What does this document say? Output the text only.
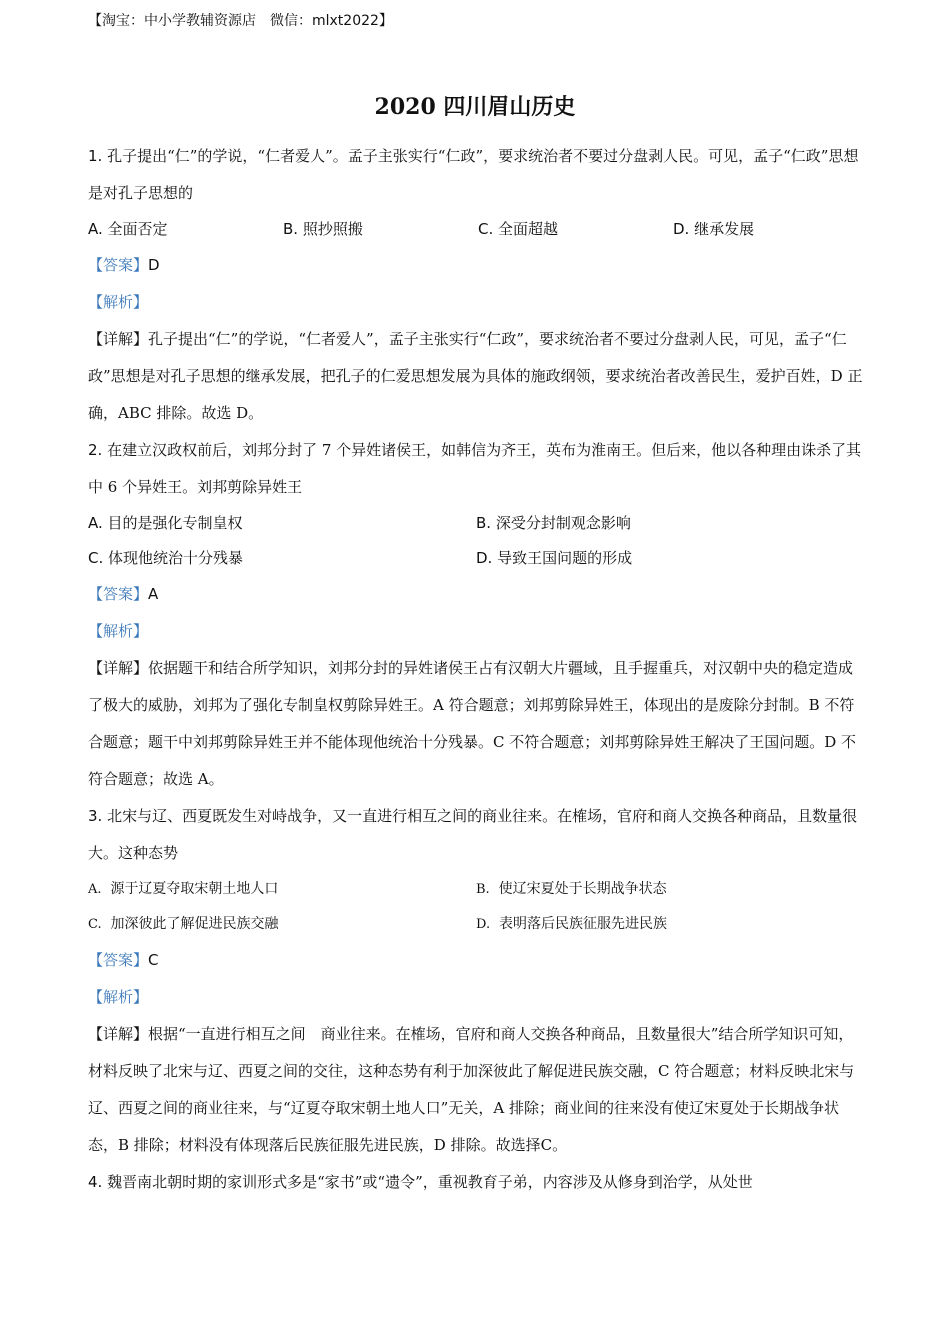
【淘宝：中小学教辅资源店　微信：mlxt2022】
2020 四川眉山历史

1. 孔子提出“仁”的学说，“仁者爱人”。孟子主张实行“仁政”，要求统治者不要过分盘剥人民。可见，孟子“仁政”思想是对孔子思想的

A. 全面否定	B. 照抄照搬	C. 全面超越	D. 继承发展

【答案】D

【解析】

【详解】孔子提出“仁”的学说，“仁者爱人”，孟子主张实行“仁政”，要求统治者不要过分盘剥人民，可见，孟子“仁政”思想是对孔子思想的继承发展，把孔子的仁爱思想发展为具体的施政纲领，要求统治者改善民生，爱护百姓，D 正确，ABC 排除。故选 D。

2. 在建立汉政权前后，刘邦分封了 7 个异姓诸侯王，如韩信为齐王，英布为淮南王。但后来，他以各种理由诛杀了其中 6 个异姓王。刘邦剪除异姓王

A. 目的是强化专制皇权	B. 深受分封制观念影响
C. 体现他统治十分残暴	D. 导致王国问题的形成

【答案】A

【解析】

【详解】依据题干和结合所学知识，刘邦分封的异姓诸侯王占有汉朝大片疆域，且手握重兵，对汉朝中央的稳定造成了极大的威胁，刘邦为了强化专制皇权剪除异姓王。A 符合题意；刘邦剪除异姓王，体现出的是废除分封制。B 不符合题意；题干中刘邦剪除异姓王并不能体现他统治十分残暴。C 不符合题意；刘邦剪除异姓王解决了王国问题。D 不符合题意；故选 A。

3. 北宋与辽、西夏既发生对峙战争，又一直进行相互之间的商业往来。在榷场，官府和商人交换各种商品，且数量很大。这种态势

A. 源于辽夏夺取宋朝土地人口	B. 使辽宋夏处于长期战争状态
C. 加深彼此了解促进民族交融	D. 表明落后民族征服先进民族

【答案】C

【解析】

【详解】根据“一直进行相互之间　商业往来。在榷场，官府和商人交换各种商品，且数量很大”结合所学知识可知，材料反映了北宋与辽、西夏之间的交往，这种态势有利于加深彼此了解促进民族交融，C 符合题意；材料反映北宋与辽、西夏之间的商业往来，与“辽夏夺取宋朝土地人口”无关，A 排除；商业间的往来没有使辽宋夏处于长期战争状态，B 排除；材料没有体现落后民族征服先进民族，D 排除。故选择C。

4. 魏晋南北朝时期的家训形式多是“家书”或“遗令”，重视教育子弟，内容涉及从修身到治学，从处世
